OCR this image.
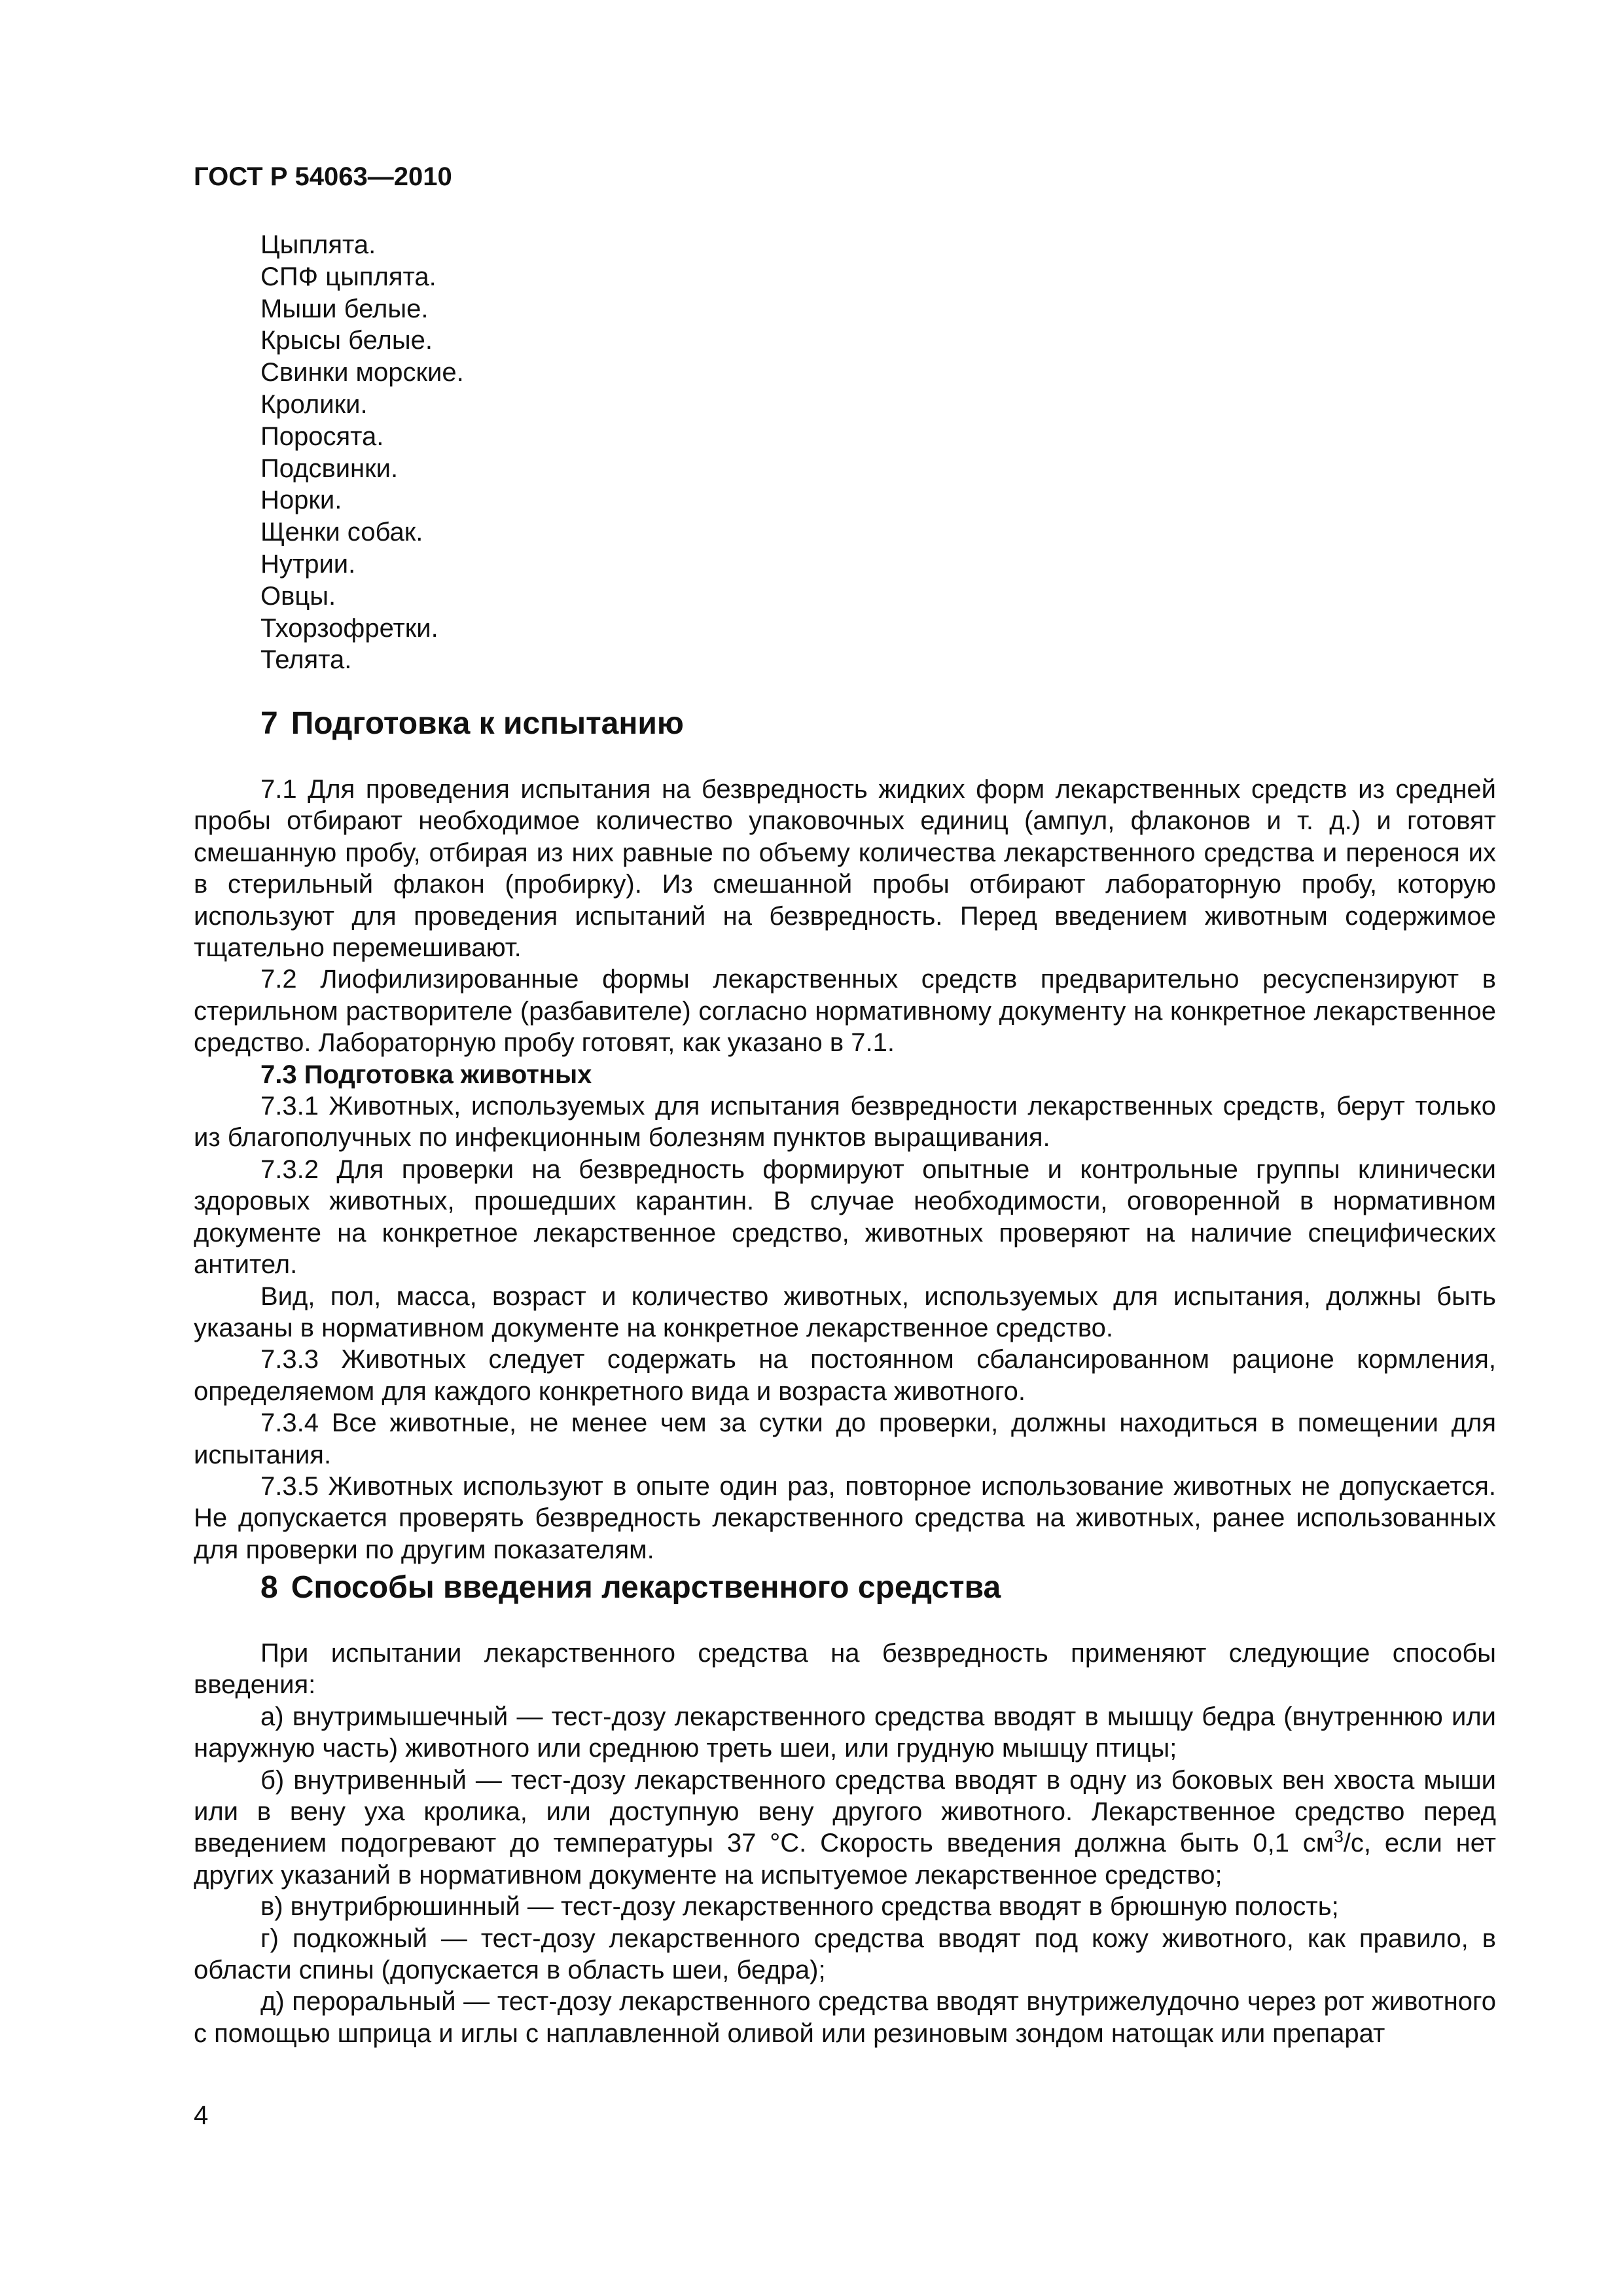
ГОСТ Р 54063—2010

Цыплята.
СПФ цыплята.
Мыши белые.
Крысы белые.
Свинки морские.
Кролики.
Поросята.
Подсвинки.
Норки.
Щенки собак.
Нутрии.
Овцы.
Тхорзофретки.
Телята.
7 Подготовка к испытанию

7.1 Для проведения испытания на безвредность жидких форм лекарственных средств из средней пробы отбирают необходимое количество упаковочных единиц (ампул, флаконов и т. д.) и готовят смешанную пробу, отбирая из них равные по объему количества лекарственного средства и перенося их в стерильный флакон (пробирку). Из смешанной пробы отбирают лабораторную пробу, которую используют для проведения испытаний на безвредность. Перед введением животным содержимое тщательно перемешивают.

7.2 Лиофилизированные формы лекарственных средств предварительно ресуспензируют в стерильном растворителе (разбавителе) согласно нормативному документу на конкретное лекарственное средство. Лабораторную пробу готовят, как указано в 7.1.

7.3 Подготовка животных

7.3.1 Животных, используемых для испытания безвредности лекарственных средств, берут только из благополучных по инфекционным болезням пунктов выращивания.

7.3.2 Для проверки на безвредность формируют опытные и контрольные группы клинически здоровых животных, прошедших карантин. В случае необходимости, оговоренной в нормативном документе на конкретное лекарственное средство, животных проверяют на наличие специфических антител.

Вид, пол, масса, возраст и количество животных, используемых для испытания, должны быть указаны в нормативном документе на конкретное лекарственное средство.

7.3.3 Животных следует содержать на постоянном сбалансированном рационе кормления, определяемом для каждого конкретного вида и возраста животного.

7.3.4 Все животные, не менее чем за сутки до проверки, должны находиться в помещении для испытания.

7.3.5 Животных используют в опыте один раз, повторное использование животных не допускается. Не допускается проверять безвредность лекарственного средства на животных, ранее использованных для проверки по другим показателям.

8 Способы введения лекарственного средства

При испытании лекарственного средства на безвредность применяют следующие способы введения:

а) внутримышечный — тест-дозу лекарственного средства вводят в мышцу бедра (внутреннюю или наружную часть) животного или среднюю треть шеи, или грудную мышцу птицы;

б) внутривенный — тест-дозу лекарственного средства вводят в одну из боковых вен хвоста мыши или в вену уха кролика, или доступную вену другого животного. Лекарственное средство перед введением подогревают до температуры 37 °С. Скорость введения должна быть 0,1 $см^3/с$, если нет других указаний в нормативном документе на испытуемое лекарственное средство;

в) внутрибрюшинный — тест-дозу лекарственного средства вводят в брюшную полость;

г) подкожный — тест-дозу лекарственного средства вводят под кожу животного, как правило, в области спины (допускается в область шеи, бедра);

д) пероральный — тест-дозу лекарственного средства вводят внутрижелудочно через рот животного с помощью шприца и иглы с наплавленной оливой или резиновым зондом натощак или препарат

4
